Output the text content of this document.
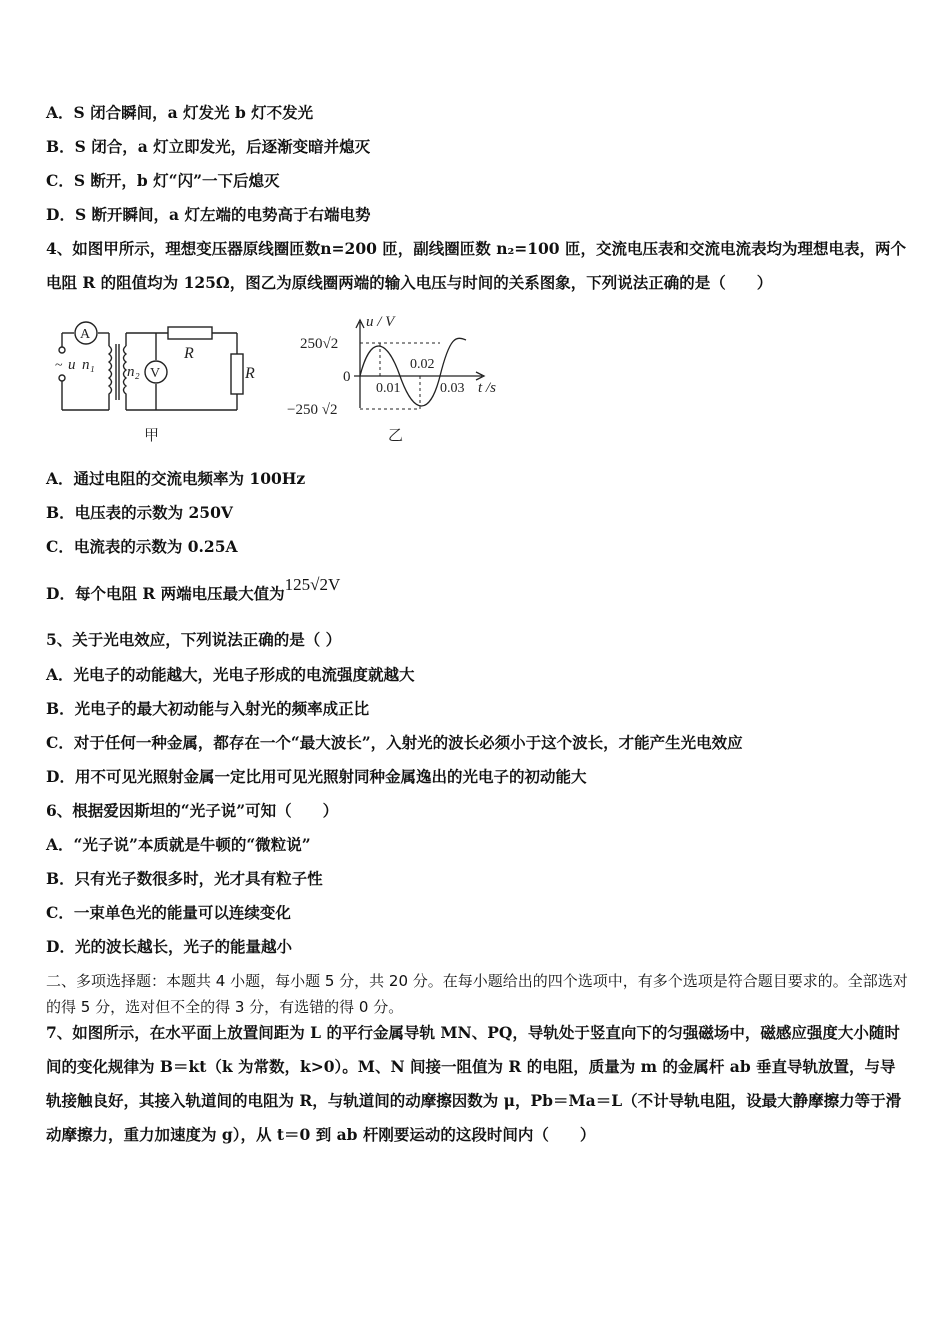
A．S 闭合瞬间，a 灯发光 b 灯不发光
B．S 闭合，a 灯立即发光，后逐渐变暗并熄灭
C．S 断开，b 灯“闪”一下后熄灭
D．S 断开瞬间，a 灯左端的电势高于右端电势
4、如图甲所示，理想变压器原线圈匝数n=200 匝，副线圈匝数 n₂=100 匝，交流电压表和交流电流表均为理想电表，两个电阻 R 的阻值均为 125Ω，图乙为原线圈两端的输入电压与时间的关系图象，下列说法正确的是（　　）
A
V
~ u n₁ n₂
R
R
甲
u / V
250√2
0
−250 √2
0.01
0.02
0.03 t /s
乙
A．通过电阻的交流电频率为 100Hz
B．电压表的示数为 250V
C．电流表的示数为 0.25A
D．每个电阻 R 两端电压最大值为125√2V
5、关于光电效应，下列说法正确的是（ ）
A．光电子的动能越大，光电子形成的电流强度就越大
B．光电子的最大初动能与入射光的频率成正比
C．对于任何一种金属，都存在一个“最大波长”，入射光的波长必须小于这个波长，才能产生光电效应
D．用不可见光照射金属一定比用可见光照射同种金属逸出的光电子的初动能大
6、根据爱因斯坦的“光子说”可知（　　）
A．“光子说”本质就是牛顿的“微粒说”
B．只有光子数很多时，光才具有粒子性
C．一束单色光的能量可以连续变化
D．光的波长越长，光子的能量越小
二、多项选择题：本题共 4 小题，每小题 5 分，共 20 分。在每小题给出的四个选项中，有多个选项是符合题目要求的。全部选对的得 5 分，选对但不全的得 3 分，有选错的得 0 分。
7、如图所示，在水平面上放置间距为 L 的平行金属导轨 MN、PQ，导轨处于竖直向下的匀强磁场中，磁感应强度大小随时间的变化规律为 B＝kt（k 为常数，k>0）。M、N 间接一阻值为 R 的电阻，质量为 m 的金属杆 ab 垂直导轨放置，与导轨接触良好，其接入轨道间的电阻为 R，与轨道间的动摩擦因数为 μ，Pb＝Ma＝L（不计导轨电阻，设最大静摩擦力等于滑动摩擦力，重力加速度为 g），从 t＝0 到 ab 杆刚要运动的这段时间内（　　）
